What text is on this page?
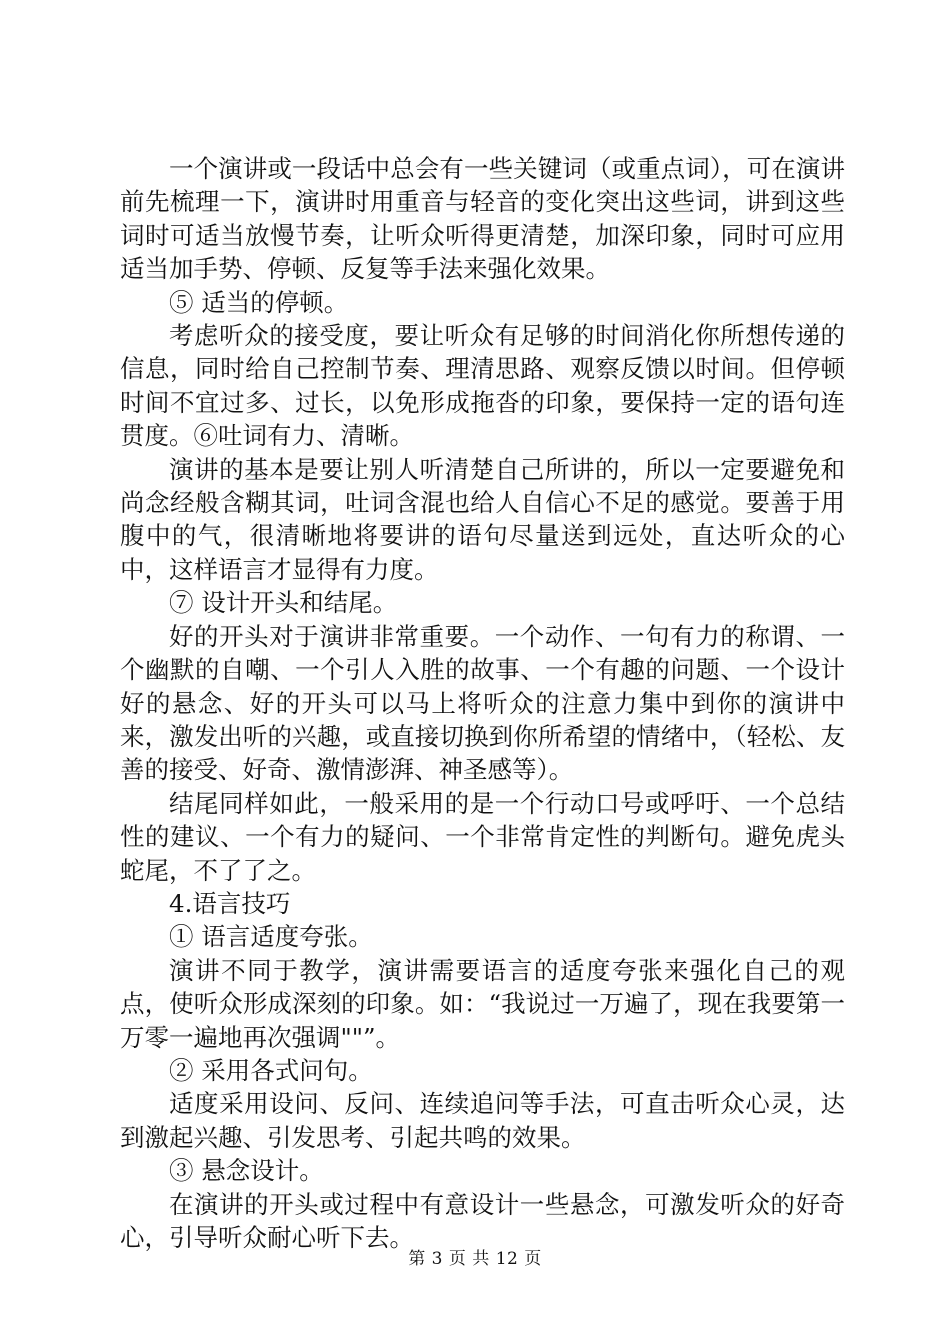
一个演讲或一段话中总会有一些关键词（或重点词），可在演讲前先梳理一下，演讲时用重音与轻音的变化突出这些词，讲到这些词时可适当放慢节奏，让听众听得更清楚，加深印象，同时可应用适当加手势、停顿、反复等手法来强化效果。

⑤ 适当的停顿。

考虑听众的接受度，要让听众有足够的时间消化你所想传递的信息，同时给自己控制节奏、理清思路、观察反馈以时间。但停顿时间不宜过多、过长，以免形成拖沓的印象，要保持一定的语句连贯度。⑥吐词有力、清晰。

演讲的基本是要让别人听清楚自己所讲的，所以一定要避免和尚念经般含糊其词，吐词含混也给人自信心不足的感觉。要善于用腹中的气，很清晰地将要讲的语句尽量送到远处，直达听众的心中，这样语言才显得有力度。

⑦ 设计开头和结尾。

好的开头对于演讲非常重要。一个动作、一句有力的称谓、一个幽默的自嘲、一个引人入胜的故事、一个有趣的问题、一个设计好的悬念、好的开头可以马上将听众的注意力集中到你的演讲中来，激发出听的兴趣，或直接切换到你所希望的情绪中，（轻松、友善的接受、好奇、激情澎湃、神圣感等）。

结尾同样如此，一般采用的是一个行动口号或呼吁、一个总结性的建议、一个有力的疑问、一个非常肯定性的判断句。避免虎头蛇尾，不了了之。

4.语言技巧

① 语言适度夸张。

演讲不同于教学，演讲需要语言的适度夸张来强化自己的观点，使听众形成深刻的印象。如：“我说过一万遍了，现在我要第一万零一遍地再次强调""”。

② 采用各式问句。

适度采用设问、反问、连续追问等手法，可直击听众心灵，达到激起兴趣、引发思考、引起共鸣的效果。

③ 悬念设计。

在演讲的开头或过程中有意设计一些悬念，可激发听众的好奇心，引导听众耐心听下去。

第 3 页 共 12 页
